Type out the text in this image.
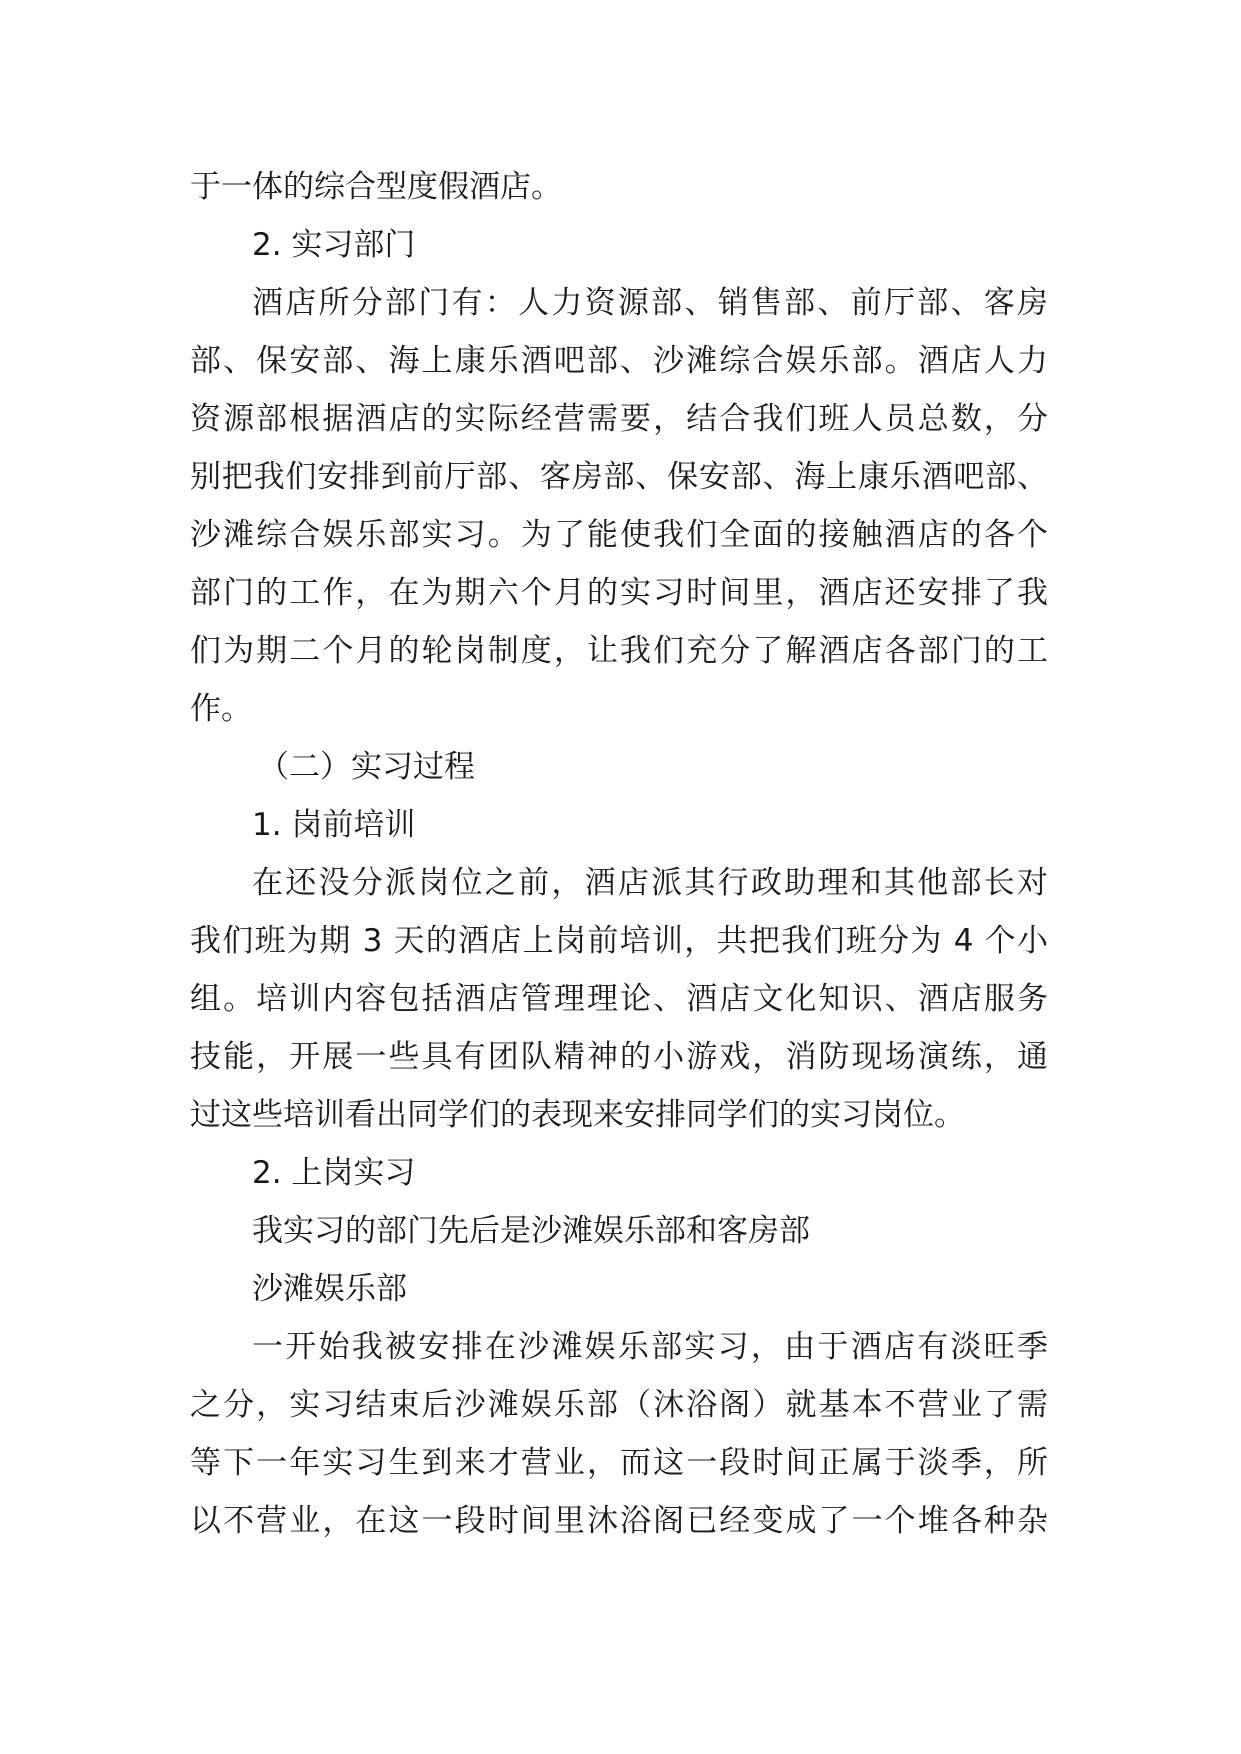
于一体的综合型度假酒店。
2. 实习部门
酒店所分部门有：人力资源部、销售部、前厅部、客房
部、保安部、海上康乐酒吧部、沙滩综合娱乐部。酒店人力
资源部根据酒店的实际经营需要，结合我们班人员总数，分
别把我们安排到前厅部、客房部、保安部、海上康乐酒吧部、
沙滩综合娱乐部实习。为了能使我们全面的接触酒店的各个
部门的工作，在为期六个月的实习时间里，酒店还安排了我
们为期二个月的轮岗制度，让我们充分了解酒店各部门的工
作。
（二）实习过程
1. 岗前培训
在还没分派岗位之前，酒店派其行政助理和其他部长对
我们班为期 3 天的酒店上岗前培训，共把我们班分为 4 个小
组。培训内容包括酒店管理理论、酒店文化知识、酒店服务
技能，开展一些具有团队精神的小游戏，消防现场演练，通
过这些培训看出同学们的表现来安排同学们的实习岗位。
2. 上岗实习
我实习的部门先后是沙滩娱乐部和客房部
沙滩娱乐部
一开始我被安排在沙滩娱乐部实习，由于酒店有淡旺季
之分，实习结束后沙滩娱乐部（沐浴阁）就基本不营业了需
等下一年实习生到来才营业，而这一段时间正属于淡季，所
以不营业，在这一段时间里沐浴阁已经变成了一个堆各种杂
